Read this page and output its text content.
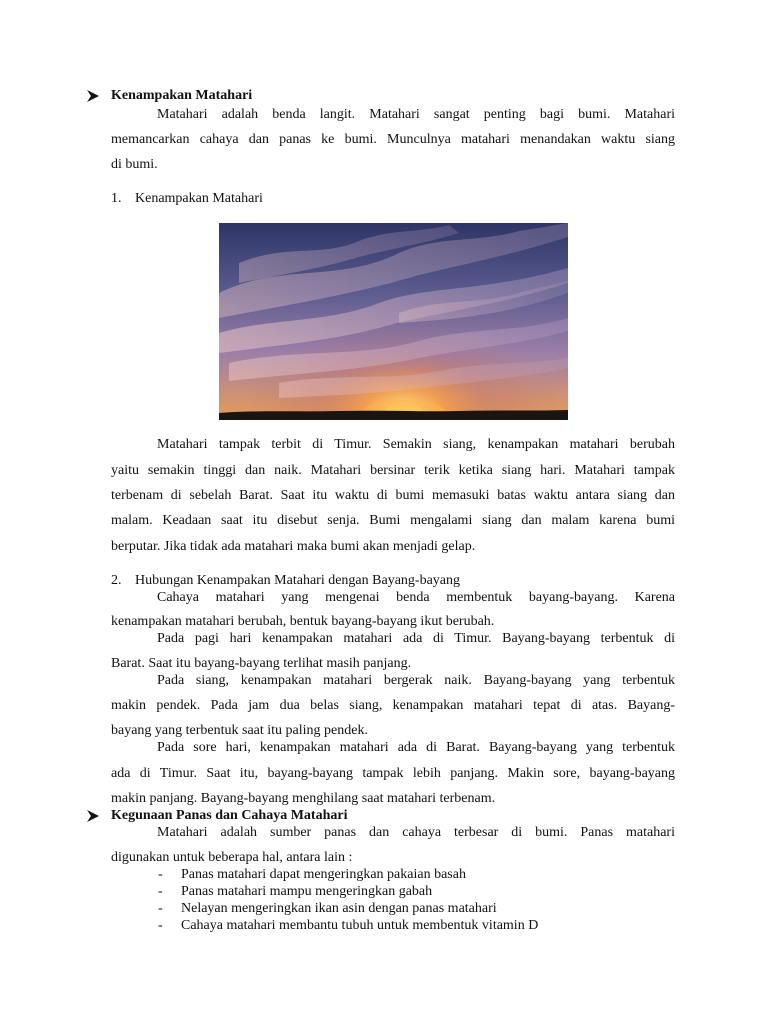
Kenampakan Matahari
Matahari adalah benda langit. Matahari sangat penting bagi bumi. Matahari
memancarkan cahaya dan panas ke bumi. Munculnya matahari menandakan waktu siang
di bumi.
1. Kenampakan Matahari
Matahari tampak terbit di Timur. Semakin siang, kenampakan matahari berubah
yaitu semakin tinggi dan naik. Matahari bersinar terik ketika siang hari. Matahari tampak
terbenam di sebelah Barat. Saat itu waktu di bumi memasuki batas waktu antara siang dan
malam. Keadaan saat itu disebut senja. Bumi mengalami siang dan malam karena bumi
berputar. Jika tidak ada matahari maka bumi akan menjadi gelap.
2. Hubungan Kenampakan Matahari dengan Bayang-bayang
Cahaya matahari yang mengenai benda membentuk bayang-bayang. Karena
kenampakan matahari berubah, bentuk bayang-bayang ikut berubah.
Pada pagi hari kenampakan matahari ada di Timur. Bayang-bayang terbentuk di
Barat. Saat itu bayang-bayang terlihat masih panjang.
Pada siang, kenampakan matahari bergerak naik. Bayang-bayang yang terbentuk
makin pendek. Pada jam dua belas siang, kenampakan matahari tepat di atas. Bayang-
bayang yang terbentuk saat itu paling pendek.
Pada sore hari, kenampakan matahari ada di Barat. Bayang-bayang yang terbentuk
ada di Timur. Saat itu, bayang-bayang tampak lebih panjang. Makin sore, bayang-bayang
makin panjang. Bayang-bayang menghilang saat matahari terbenam.
Kegunaan Panas dan Cahaya Matahari
Matahari adalah sumber panas dan cahaya terbesar di bumi. Panas matahari
digunakan untuk beberapa hal, antara lain :
- Panas matahari dapat mengeringkan pakaian basah
- Panas matahari mampu mengeringkan gabah
- Nelayan mengeringkan ikan asin dengan panas matahari
- Cahaya matahari membantu tubuh untuk membentuk vitamin D
